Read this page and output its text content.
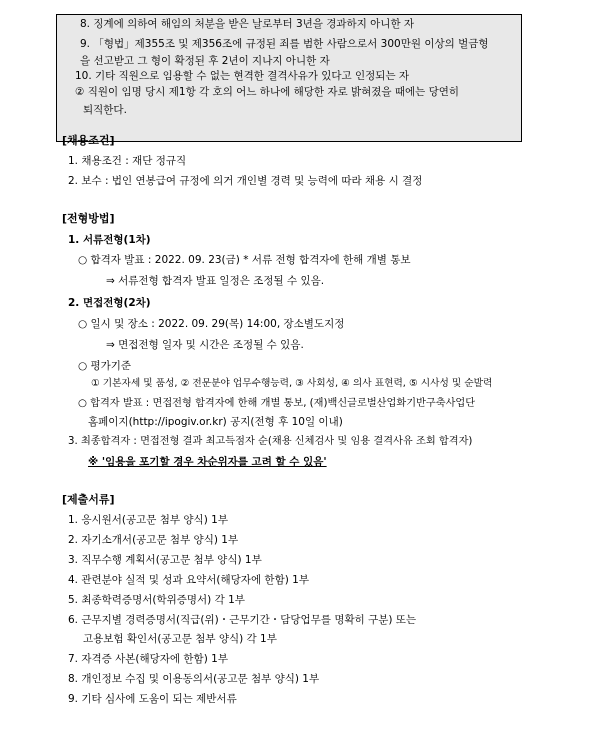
8. 징계에 의하여 해임의 처분을 받은 날로부터 3년을 경과하지 아니한 자
9. 「형법」제355조 및 제356조에 규정된 죄를 범한 사람으로서 300만원 이상의 벌금형
을 선고받고 그 형이 확정된 후 2년이 지나지 아니한 자
10. 기타 직원으로 임용할 수 없는 현격한 결격사유가 있다고 인정되는 자
② 직원이 임명 당시 제1항 각 호의 어느 하나에 해당한 자로 밝혀졌을 때에는 당연히
퇴직한다.
[채용조건]
1. 채용조건 : 재단 정규직
2. 보수 : 법인 연봉급여 규정에 의거 개인별 경력 및 능력에 따라 채용 시 결정
[전형방법]
1. 서류전형(1차)
○ 합격자 발표 : 2022. 09. 23(금) * 서류 전형 합격자에 한해 개별 통보
⇒ 서류전형 합격자 발표 일정은 조정될 수 있음.
2. 면접전형(2차)
○ 일시 및 장소 : 2022. 09. 29(목) 14:00, 장소별도지정
⇒ 면접전형 일자 및 시간은 조정될 수 있음.
○ 평가기준
① 기본자세 및 품성, ② 전문분야 업무수행능력, ③ 사회성, ④ 의사 표현력, ⑤ 시사성 및 순발력
○ 합격자 발표 : 면접전형 합격자에 한해 개별 통보, (재)백신글로벌산업화기반구축사업단
홈페이지(http://ipogiv.or.kr) 공지(전형 후 10일 이내)
3. 최종합격자 : 면접전형 결과 최고득점자 순(채용 신체검사 및 임용 결격사유 조회 합격자)
※ '임용을 포기할 경우 차순위자를 고려 할 수 있음'
[제출서류]
1. 응시원서(공고문 첨부 양식) 1부
2. 자기소개서(공고문 첨부 양식) 1부
3. 직무수행 계획서(공고문 첨부 양식) 1부
4. 관련분야 실적 및 성과 요약서(해당자에 한함) 1부
5. 최종학력증명서(학위증명서) 각 1부
6. 근무지별 경력증명서(직급(위)・근무기간・담당업무를 명확히 구분) 또는
고용보험 확인서(공고문 첨부 양식) 각 1부
7. 자격증 사본(해당자에 한함) 1부
8. 개인정보 수집 및 이용동의서(공고문 첨부 양식) 1부
9. 기타 심사에 도움이 되는 제반서류
